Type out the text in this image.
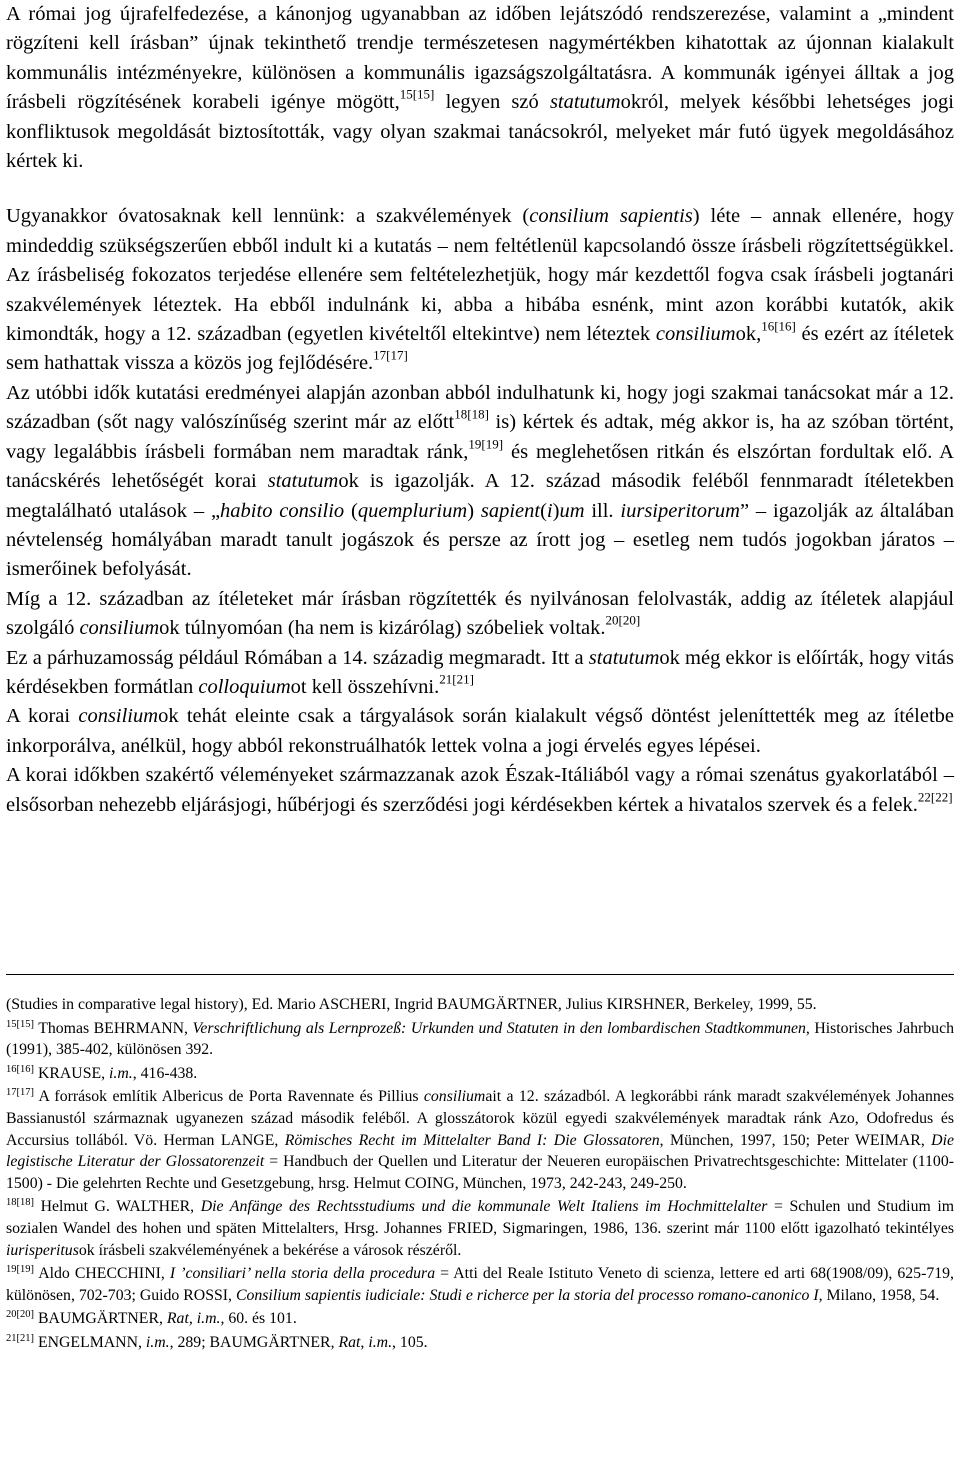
A római jog újrafelfedezése, a kánonjog ugyanabban az időben lejátszódó rendszerezése, valamint a „mindent rögzíteni kell írásban” újnak tekinthető trendje természetesen nagymértékben kihatottak az újonnan kialakult kommunális intézményekre, különösen a kommunális igazságszolgáltatásra. A kommunák igényei álltak a jog írásbeli rögzítésének korabeli igénye mögött,$^{15[15]}$ legyen szó statutumokról, melyek későbbi lehetséges jogi konfliktusok megoldását biztosították, vagy olyan szakmai tanácsokról, melyeket már futó ügyek megoldásához kértek ki.

Ugyanakkor óvatosaknak kell lennünk: a szakvélemények (consilium sapientis) léte – annak ellenére, hogy mindeddig szükségszerűen ebből indult ki a kutatás – nem feltétlenül kapcsolandó össze írásbeli rögzítettségükkel. Az írásbeliség fokozatos terjedése ellenére sem feltételezhetjük, hogy már kezdettől fogva csak írásbeli jogtanári szakvélemények léteztek. Ha ebből indulnánk ki, abba a hibába esnénk, mint azon korábbi kutatók, akik kimondták, hogy a 12. században (egyetlen kivételtől eltekintve) nem léteztek consiliumok,$^{16[16]}$ és ezért az ítéletek sem hathattak vissza a közös jog fejlődésére.$^{17[17]}$

Az utóbbi idők kutatási eredményei alapján azonban abból indulhatunk ki, hogy jogi szakmai tanácsokat már a 12. században (sőt nagy valószínűség szerint már az előtt$^{18[18]}$ is) kértek és adtak, még akkor is, ha az szóban történt, vagy legalábbis írásbeli formában nem maradtak ránk,$^{19[19]}$ és meglehetősen ritkán és elszórtan fordultak elő. A tanácskérés lehetőségét korai statutumok is igazolják. A 12. század második feléből fennmaradt ítéletekben megtalálható utalások – „habito consilio (quemplurium) sapient(i)um ill. iursiperitorum” – igazolják az általában névtelenség homályában maradt tanult jogászok és persze az írott jog – esetleg nem tudós jogokban járatos – ismerőinek befolyását.

Míg a 12. században az ítéleteket már írásban rögzítették és nyilvánosan felolvasták, addig az ítéletek alapjául szolgáló consiliumok túlnyomóan (ha nem is kizárólag) szóbeliek voltak.$^{20[20]}$

Ez a párhuzamosság például Rómában a 14. századig megmaradt. Itt a statutumok még ekkor is előírták, hogy vitás kérdésekben formátlan colloquiumot kell összehívni.$^{21[21]}$

A korai consiliumok tehát eleinte csak a tárgyalások során kialakult végső döntést jeleníttették meg az ítéletbe inkorporálva, anélkül, hogy abból rekonstruálhatók lettek volna a jogi érvelés egyes lépései.

A korai időkben szakértő véleményeket származzanak azok Észak-Itáliából vagy a római szenátus gyakorlatából – elsősorban nehezebb eljárásjogi, hűbérjogi és szerződési jogi kérdésekben kértek a hivatalos szervek és a felek.$^{22[22]}$

(Studies in comparative legal history), Ed. Mario ASCHERI, Ingrid BAUMGÄRTNER, Julius KIRSHNER, Berkeley, 1999, 55.

$^{15[15]}$ Thomas BEHRMANN, Verschriftlichung als Lernprozeß: Urkunden und Statuten in den lombardischen Stadtkommunen, Historisches Jahrbuch (1991), 385-402, különösen 392.

$^{16[16]}$ KRAUSE, i.m., 416-438.

$^{17[17]}$ A források említik Albericus de Porta Ravennate és Pillius consiliumait a 12. századból. A legkorábbi ránk maradt szakvélemények Johannes Bassianustól származnak ugyanezen század második feléből. A glosszátorok közül egyedi szakvélemények maradtak ránk Azo, Odofredus és Accursius tollából. Vö. Herman LANGE, Römisches Recht im Mittelalter Band I: Die Glossatoren, München, 1997, 150; Peter WEIMAR, Die legistische Literatur der Glossatorenzeit = Handbuch der Quellen und Literatur der Neueren europäischen Privatrechtsgeschichte: Mittelater (1100-1500) - Die gelehrten Rechte und Gesetzgebung, hrsg. Helmut COING, München, 1973, 242-243, 249-250.

$^{18[18]}$ Helmut G. WALTHER, Die Anfänge des Rechtsstudiums und die kommunale Welt Italiens im Hochmittelalter = Schulen und Studium im sozialen Wandel des hohen und späten Mittelalters, Hrsg. Johannes FRIED, Sigmaringen, 1986, 136. szerint már 1100 előtt igazolható tekintélyes iurisperitusok írásbeli szakvéleményének a bekérése a városok részéről.

$^{19[19]}$ Aldo CHECCHINI, I ’consiliari’ nella storia della procedura = Atti del Reale Istituto Veneto di scienza, lettere ed arti 68(1908/09), 625-719, különösen, 702-703; Guido ROSSI, Consilium sapientis iudiciale: Studi e richerce per la storia del processo romano-canonico I, Milano, 1958, 54.

$^{20[20]}$ BAUMGÄRTNER, Rat, i.m., 60. és 101.

$^{21[21]}$ ENGELMANN, i.m., 289; BAUMGÄRTNER, Rat, i.m., 105.
